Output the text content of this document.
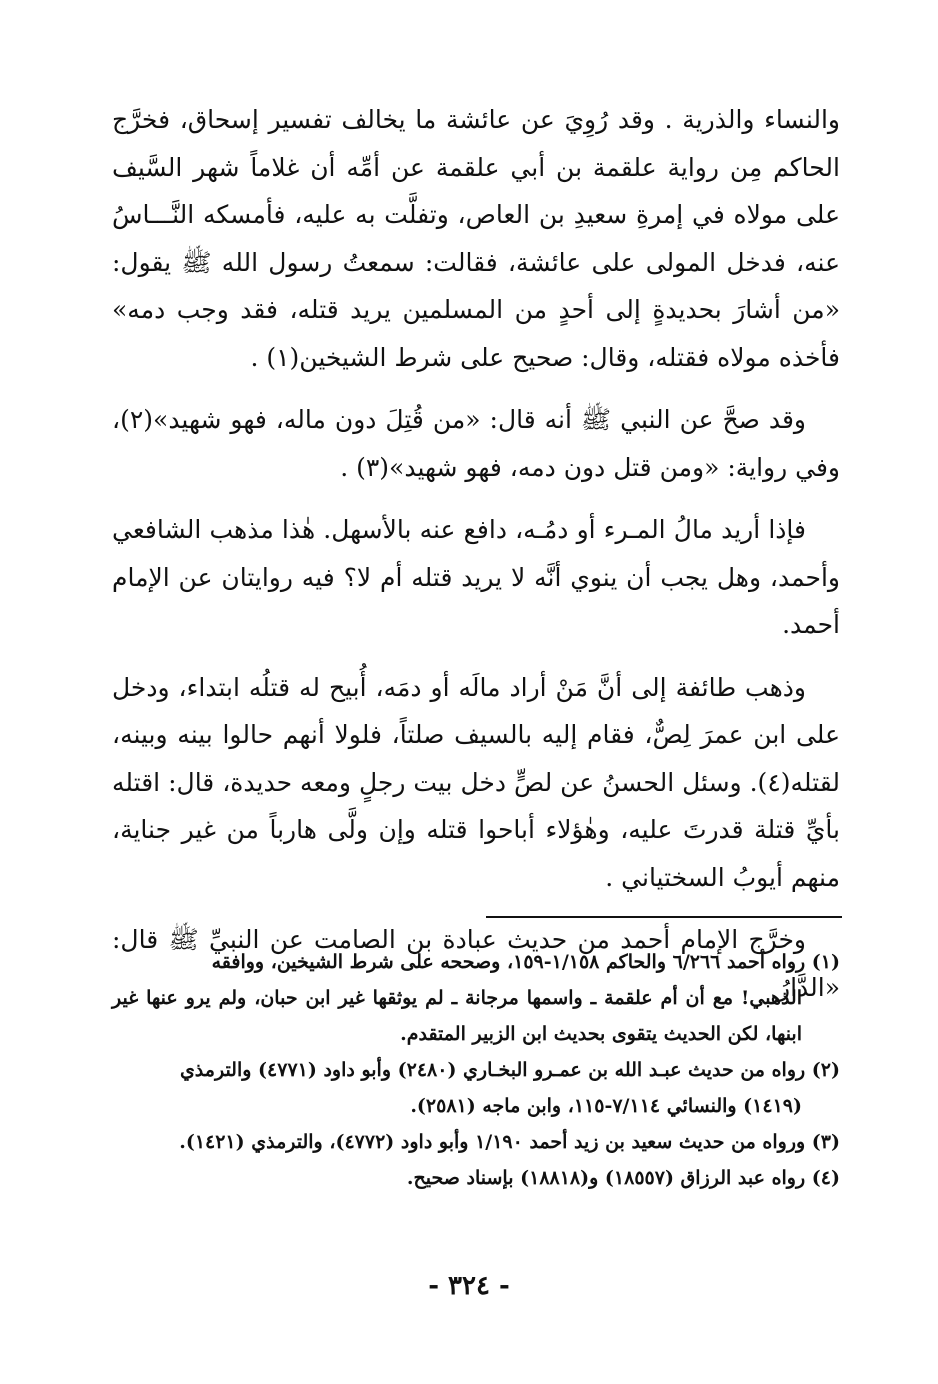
والنساء والذرية . وقد رُوِيَ عن عائشة ما يخالف تفسير إسحاق، فخرَّج الحاكم مِن رواية علقمة بن أبي علقمة عن أمِّه أن غلاماً شهر السَّيف على مولاه في إمرةِ سعيدِ بن العاص، وتفلَّت به عليه، فأمسكه النَّـــاسُ عنه، فدخل المولى على عائشة، فقالت: سمعتُ رسول الله ﷺ يقول: «من أشارَ بحديدةٍ إلى أحدٍ من المسلمين يريد قتله، فقد وجب دمه» فأخذه مولاه فقتله، وقال: صحيح على شرط الشيخين(١) .

وقد صحَّ عن النبي ﷺ أنه قال: «من قُتِلَ دون ماله، فهو شهيد»(٢)، وفي رواية: «ومن قتل دون دمه، فهو شهيد»(٣) .

فإذا أريد مالُ المـرء أو دمُـه، دافع عنه بالأسهل. هٰذا مذهب الشافعي وأحمد، وهل يجب أن ينوي أنَّه لا يريد قتله أم لا؟ فيه روايتان عن الإمام أحمد.

وذهب طائفة إلى أنَّ مَنْ أراد مالَه أو دمَه، أُبيح له قتلُه ابتداء، ودخل على ابن عمرَ لِصٌّ، فقام إليه بالسيف صلتاً، فلولا أنهم حالوا بينه وبينه، لقتله(٤). وسئل الحسنُ عن لصٍّ دخل بيت رجلٍ ومعه حديدة، قال: اقتله بأيِّ قتلة قدرتَ عليه، وهٰؤلاء أباحوا قتله وإن ولَّى هارباً من غير جناية، منهم أيوبُ السختياني .

وخرَّج الإمام أحمد من حديث عبادة بن الصامت عن النبيِّ ﷺ قال: «الدَّارُ

(١) رواه أحمد ٦/٢٦٦ والحاكم ١/١٥٨-١٥٩، وصححه على شرط الشيخين، ووافقه
الذهبي! مع أن أم علقمة ـ واسمها مرجانة ـ لم يوثقها غير ابن حبان، ولم يرو عنها غير ابنها، لكن الحديث يتقوى بحديث ابن الزبير المتقدم.

(٢) رواه من حديث عبـد الله بن عمـرو البخـاري (٢٤٨٠) وأبو داود (٤٧٧١) والترمذي
(١٤١٩) والنسائي ٧/١١٤-١١٥، وابن ماجه (٢٥٨١).

(٣) ورواه من حديث سعيد بن زيد أحمد ١/١٩٠ وأبو داود (٤٧٧٢)، والترمذي (١٤٢١).

(٤) رواه عبد الرزاق (١٨٥٥٧) و(١٨٨١٨) بإسناد صحيح.

- ٣٢٤ -
